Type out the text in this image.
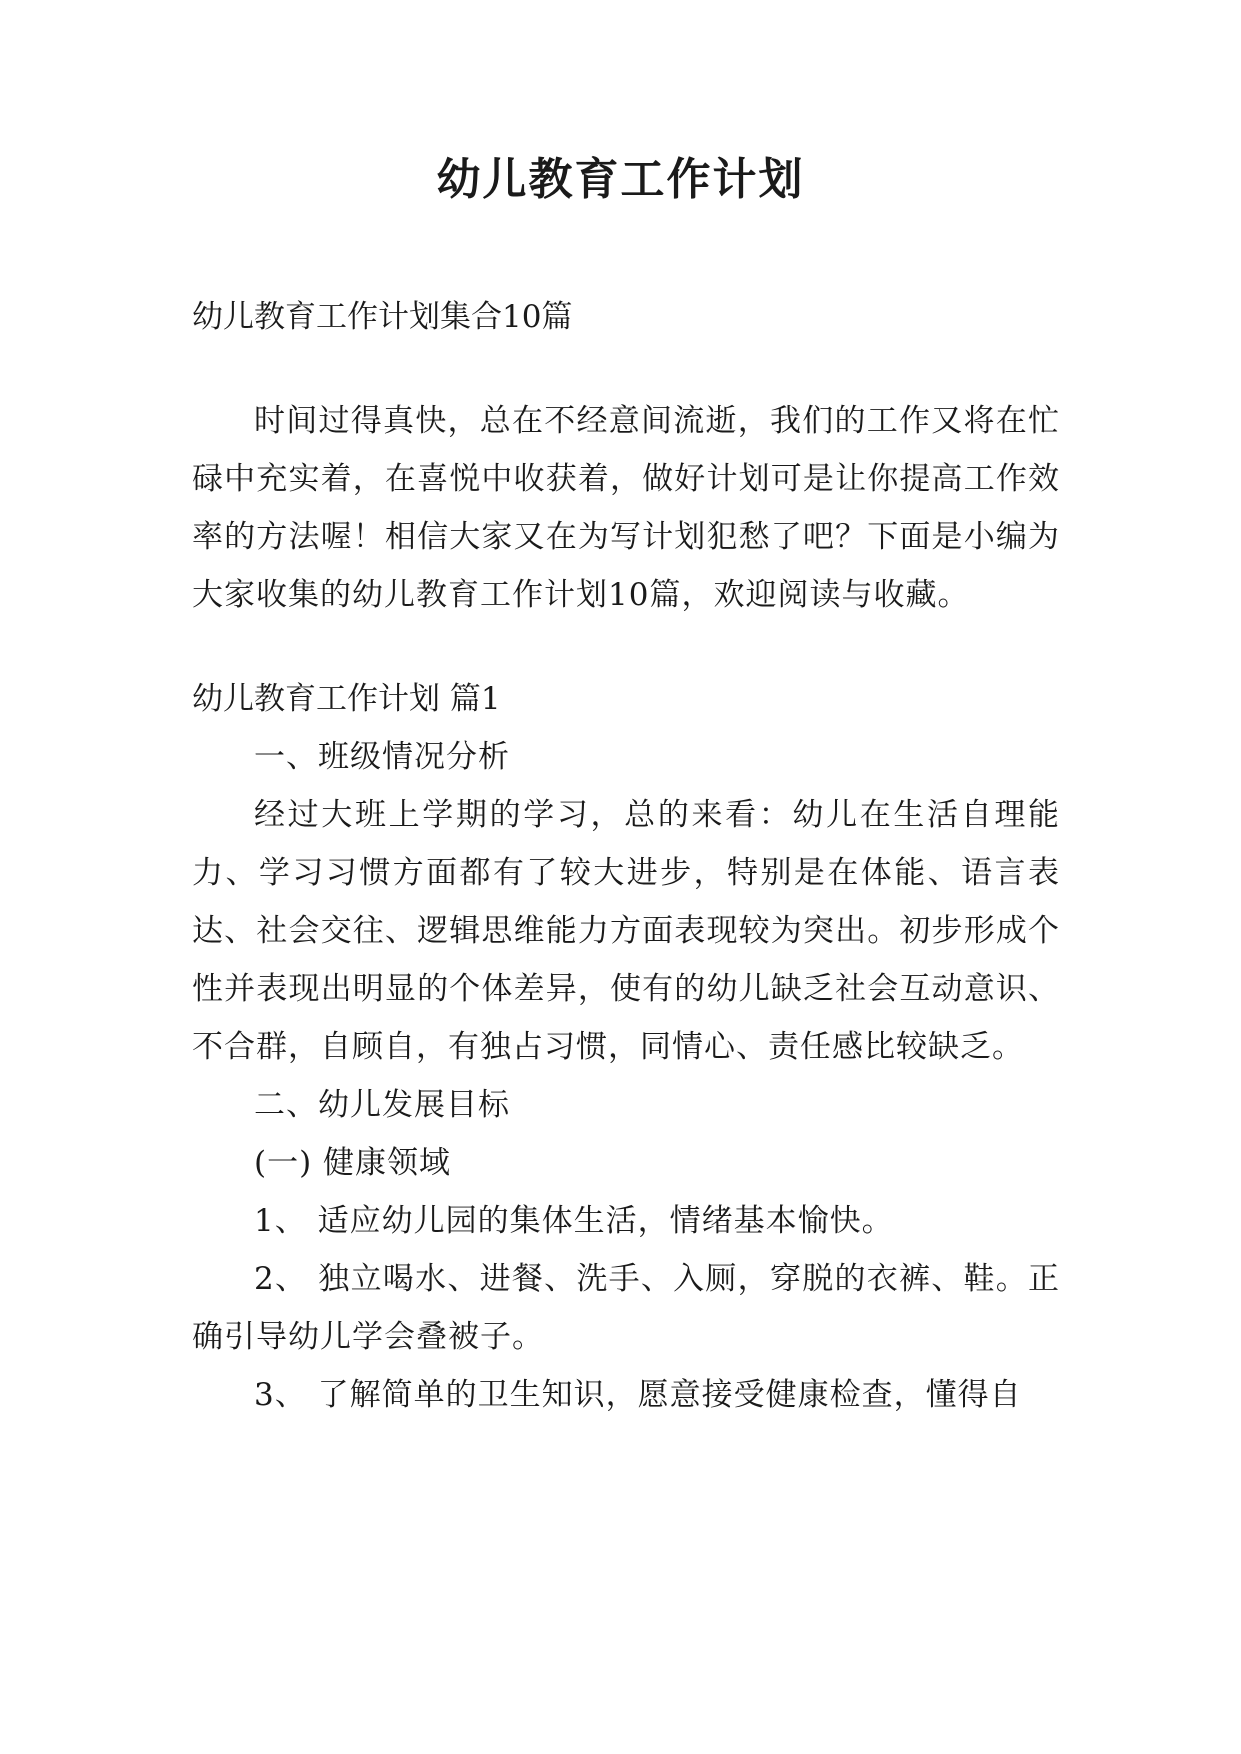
幼儿教育工作计划

幼儿教育工作计划集合10篇

时间过得真快，总在不经意间流逝，我们的工作又将在忙碌中充实着，在喜悦中收获着，做好计划可是让你提高工作效率的方法喔！相信大家又在为写计划犯愁了吧？下面是小编为大家收集的幼儿教育工作计划10篇，欢迎阅读与收藏。

幼儿教育工作计划 篇1

一、班级情况分析

经过大班上学期的学习，总的来看：幼儿在生活自理能力、学习习惯方面都有了较大进步，特别是在体能、语言表达、社会交往、逻辑思维能力方面表现较为突出。初步形成个性并表现出明显的个体差异，使有的幼儿缺乏社会互动意识、不合群，自顾自，有独占习惯，同情心、责任感比较缺乏。

二、幼儿发展目标

(一) 健康领域

1、 适应幼儿园的集体生活，情绪基本愉快。

2、 独立喝水、进餐、洗手、入厕，穿脱的衣裤、鞋。正确引导幼儿学会叠被子。

3、 了解简单的卫生知识，愿意接受健康检查，懂得自
